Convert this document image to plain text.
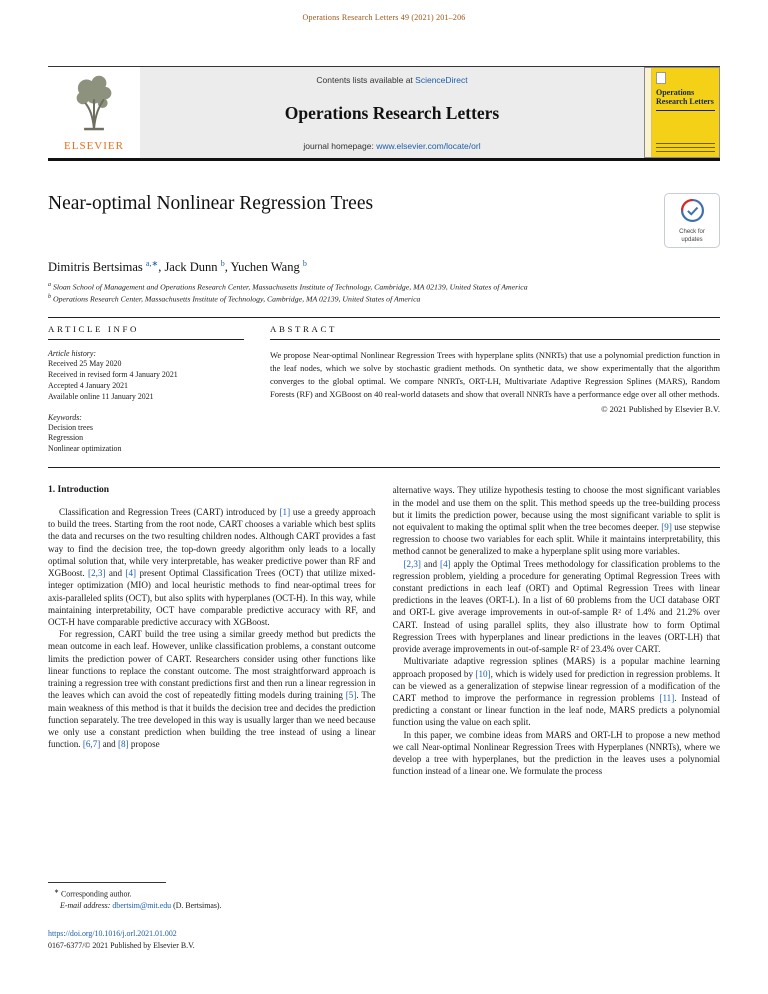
Operations Research Letters 49 (2021) 201–206
ELSEVIER
Contents lists available at ScienceDirect
Operations Research Letters
journal homepage: www.elsevier.com/locate/orl
Operations Research Letters
Near-optimal Nonlinear Regression Trees
Check for
updates
Dimitris Bertsimas $^{a,∗}$, Jack Dunn $^b$, Yuchen Wang $^b$
$^a$ Sloan School of Management and Operations Research Center, Massachusetts Institute of Technology, Cambridge, MA 02139, United States of America
$^b$ Operations Research Center, Massachusetts Institute of Technology, Cambridge, MA 02139, United States of America
ARTICLE INFO
Article history:
Received 25 May 2020
Received in revised form 4 January 2021
Accepted 4 January 2021
Available online 11 January 2021
Keywords:
Decision trees
Regression
Nonlinear optimization
ABSTRACT
We propose Near-optimal Nonlinear Regression Trees with hyperplane splits (NNRTs) that use a polynomial prediction function in the leaf nodes, which we solve by stochastic gradient methods. On synthetic data, we show experimentally that the algorithm converges to the global optimal. We compare NNRTs, ORT-LH, Multivariate Adaptive Regression Splines (MARS), Random Forests (RF) and XGBoost on 40 real-world datasets and show that overall NNRTs have a performance edge over all other methods.
© 2021 Published by Elsevier B.V.
1. Introduction

Classification and Regression Trees (CART) introduced by [1] use a greedy approach to build the trees. Starting from the root node, CART chooses a variable which best splits the data and recurses on the two resulting children nodes. Although CART provides a fast way to find the decision tree, the top-down greedy algorithm only leads to a locally optimal solution that, while very interpretable, has weaker predictive power than RF and XGBoost. [2,3] and [4] present Optimal Classification Trees (OCT) that utilize mixed-integer optimization (MIO) and local heuristic methods to find near-optimal trees for axis-paralleled splits (OCT), but also splits with hyperplanes (OCT-H). In this way, while maintaining interpretability, OCT have comparable predictive accuracy with RF, and OCT-H have comparable predictive accuracy with XGBoost.

For regression, CART build the tree using a similar greedy method but predicts the mean outcome in each leaf. However, unlike classification problems, a constant outcome limits the prediction power of CART. Researchers consider using other functions like linear functions to replace the constant outcome. The most straightforward approach is training a regression tree with constant predictions first and then run a linear regression in the leaves which can avoid the cost of repeatedly fitting models during training [5]. The main weakness of this method is that it builds the decision tree and decides the prediction function separately. The tree developed in this way is usually larger than we need because we only use a constant prediction when building the tree instead of using a linear function. [6,7] and [8] propose

∗ Corresponding author.
E-mail address: dbertsim@mit.edu (D. Bertsimas).
https://doi.org/10.1016/j.orl.2021.01.002
0167-6377/© 2021 Published by Elsevier B.V.

alternative ways. They utilize hypothesis testing to choose the most significant variables in the model and use them on the split. This method speeds up the tree-building process but it limits the prediction power, because using the most significant variable to split is not equivalent to making the optimal split when the tree becomes deeper. [9] use stepwise regression to choose two variables for each split. While it maintains interpretability, this method cannot be generalized to make a hyperplane split using more variables.

[2,3] and [4] apply the Optimal Trees methodology for classification problems to the regression problem, yielding a procedure for generating Optimal Regression Trees with constant predictions in each leaf (ORT) and Optimal Regression Trees with linear predictions in the leaves (ORT-L). In a list of 60 problems from the UCI database ORT and ORT-L give average improvements in out-of-sample R² of 1.4% and 21.2% over CART. Instead of using parallel splits, they also illustrate how to form Optimal Regression Trees with hyperplanes and linear predictions in the leaves (ORT-LH) that provide average improvements in out-of-sample R² of 23.4% over CART.

Multivariate adaptive regression splines (MARS) is a popular machine learning approach proposed by [10], which is widely used for prediction in regression problems. It can be viewed as a generalization of stepwise linear regression of a modification of the CART method to improve the performance in regression problems [11]. Instead of predicting a constant or linear function in the leaf node, MARS predicts a polynomial function using the value on each split.

In this paper, we combine ideas from MARS and ORT-LH to propose a new method we call Near-optimal Nonlinear Regression Trees with Hyperplanes (NNRTs), where we develop a tree with hyperplanes, but the prediction in the leaves uses a polynomial function instead of a linear one. We formulate the process
